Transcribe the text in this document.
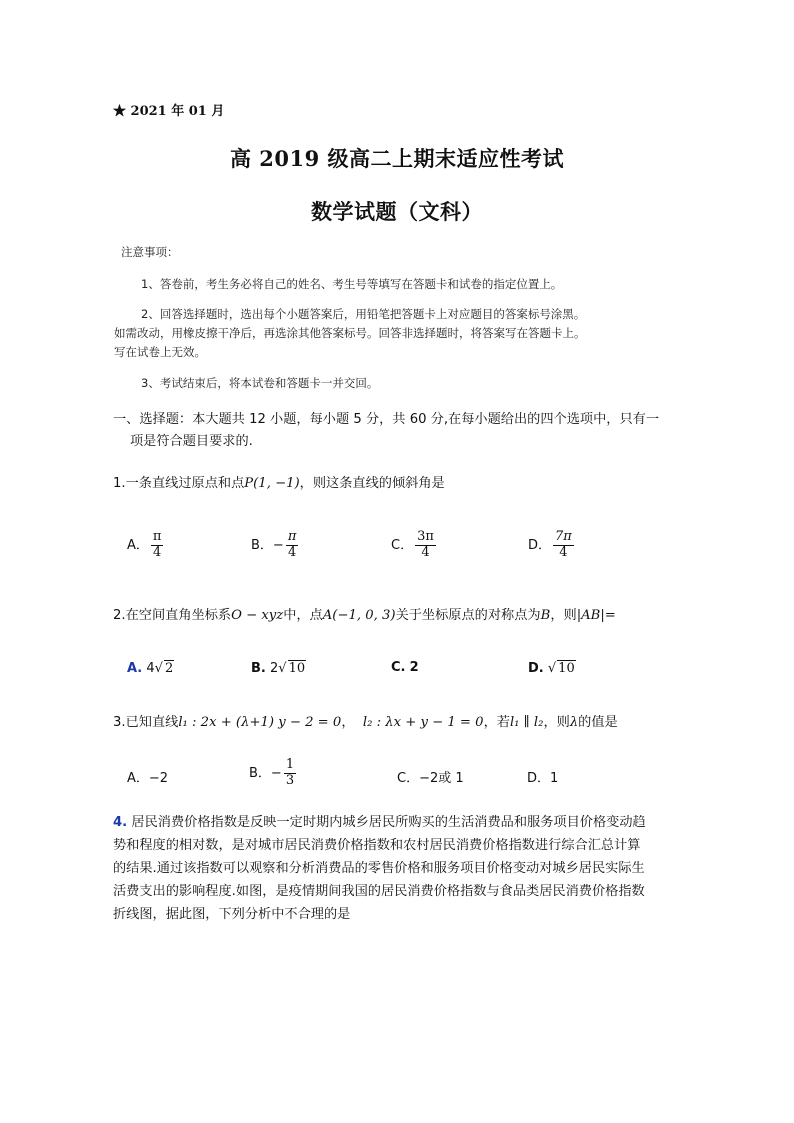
★ 2021 年 01 月
高 2019 级高二上期末适应性考试
数学试题（文科）
注意事项：
1、答卷前，考生务必将自己的姓名、考生号等填写在答题卡和试卷的指定位置上。
2、回答选择题时，选出每个小题答案后，用铅笔把答题卡上对应题目的答案标号涂黑。
如需改动，用橡皮擦干净后，再选涂其他答案标号。回答非选择题时，将答案写在答题卡上。
写在试卷上无效。
3、考试结束后，将本试卷和答题卡一并交回。
一、选择题：本大题共 12 小题，每小题 5 分，共 60 分,在每小题给出的四个选项中，只有一
项是符合题目要求的.
1.一条直线过原点和点P(1, −1)，则这条直线的倾斜角是
A． $\frac{\pi}{4}$	B．− $\frac{\pi}{4}$	C． $\frac{3\pi}{4}$	D． $\frac{7\pi}{4}$
2.在空间直角坐标系O − xyz中，点A(−1, 0, 3)关于坐标原点的对称点为B，则|AB|=
A. 4√ 2	B. 2√ 10	C. 2	D. √ 10
3.已知直线l₁ : 2x + (λ+1) y − 2 = 0， l₂ : λx + y − 1 = 0，若l₁ ∥ l₂，则λ的值是
A．−2	B．− $\frac{1}{3}$	C．−2或 1	D．1
4. 居民消费价格指数是反映一定时期内城乡居民所购买的生活消费品和服务项目价格变动趋
势和程度的相对数，是对城市居民消费价格指数和农村居民消费价格指数进行综合汇总计算
的结果.通过该指数可以观察和分析消费品的零售价格和服务项目价格变动对城乡居民实际生
活费支出的影响程度.如图，是疫情期间我国的居民消费价格指数与食品类居民消费价格指数
折线图，据此图，下列分析中不合理的是
